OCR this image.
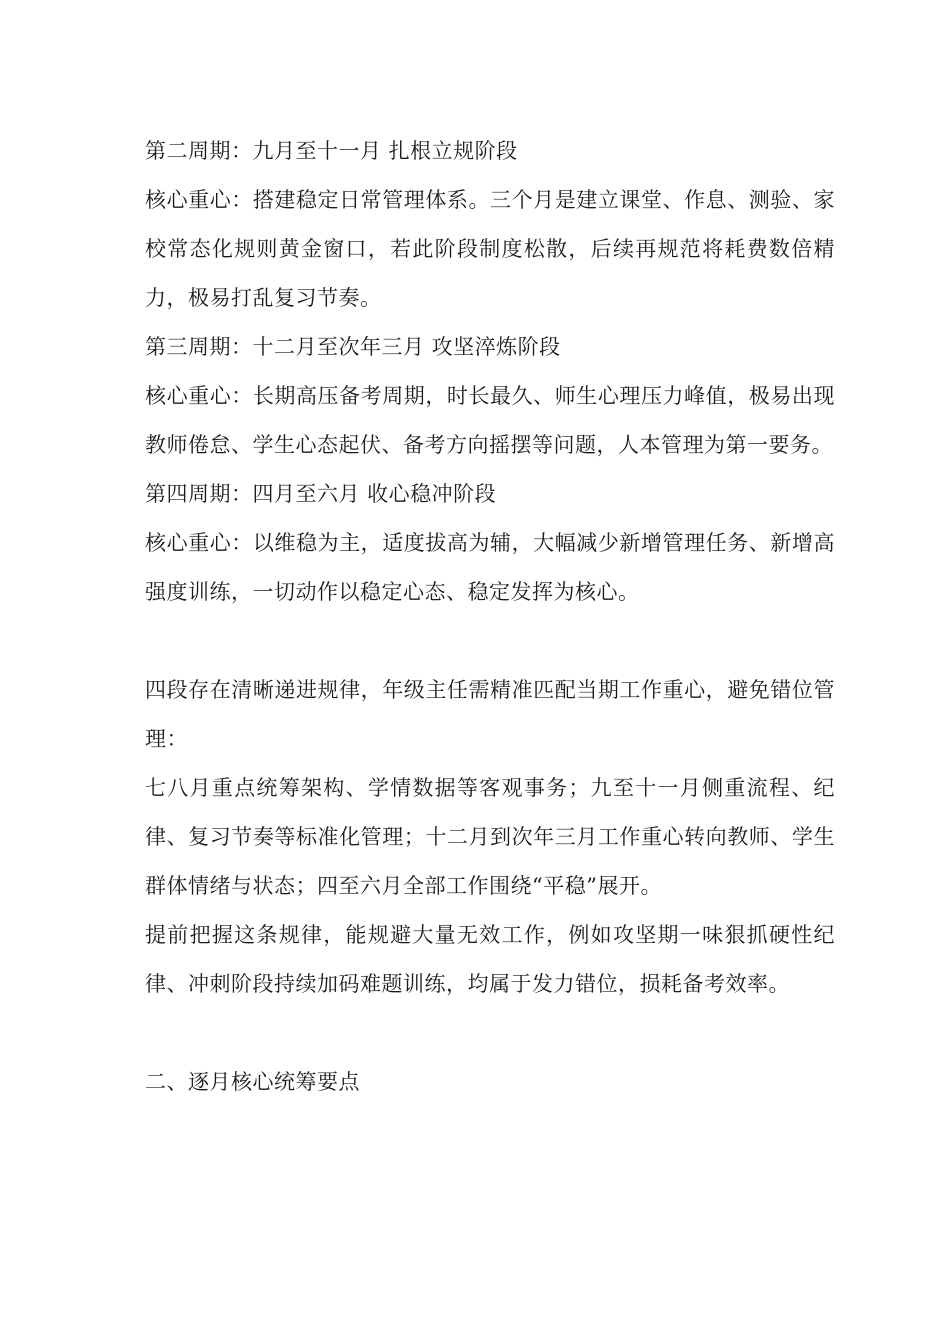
第二周期：九月至十一月 扎根立规阶段

核心重心：搭建稳定日常管理体系。三个月是建立课堂、作息、测验、家校常态化规则黄金窗口，若此阶段制度松散，后续再规范将耗费数倍精力，极易打乱复习节奏。

第三周期：十二月至次年三月 攻坚淬炼阶段

核心重心：长期高压备考周期，时长最久、师生心理压力峰值，极易出现教师倦怠、学生心态起伏、备考方向摇摆等问题，人本管理为第一要务。

第四周期：四月至六月 收心稳冲阶段

核心重心：以维稳为主，适度拔高为辅，大幅减少新增管理任务、新增高强度训练，一切动作以稳定心态、稳定发挥为核心。

四段存在清晰递进规律，年级主任需精准匹配当期工作重心，避免错位管理：

七八月重点统筹架构、学情数据等客观事务；九至十一月侧重流程、纪律、复习节奏等标准化管理；十二月到次年三月工作重心转向教师、学生群体情绪与状态；四至六月全部工作围绕“平稳”展开。

提前把握这条规律，能规避大量无效工作，例如攻坚期一味狠抓硬性纪律、冲刺阶段持续加码难题训练，均属于发力错位，损耗备考效率。

二、逐月核心统筹要点
